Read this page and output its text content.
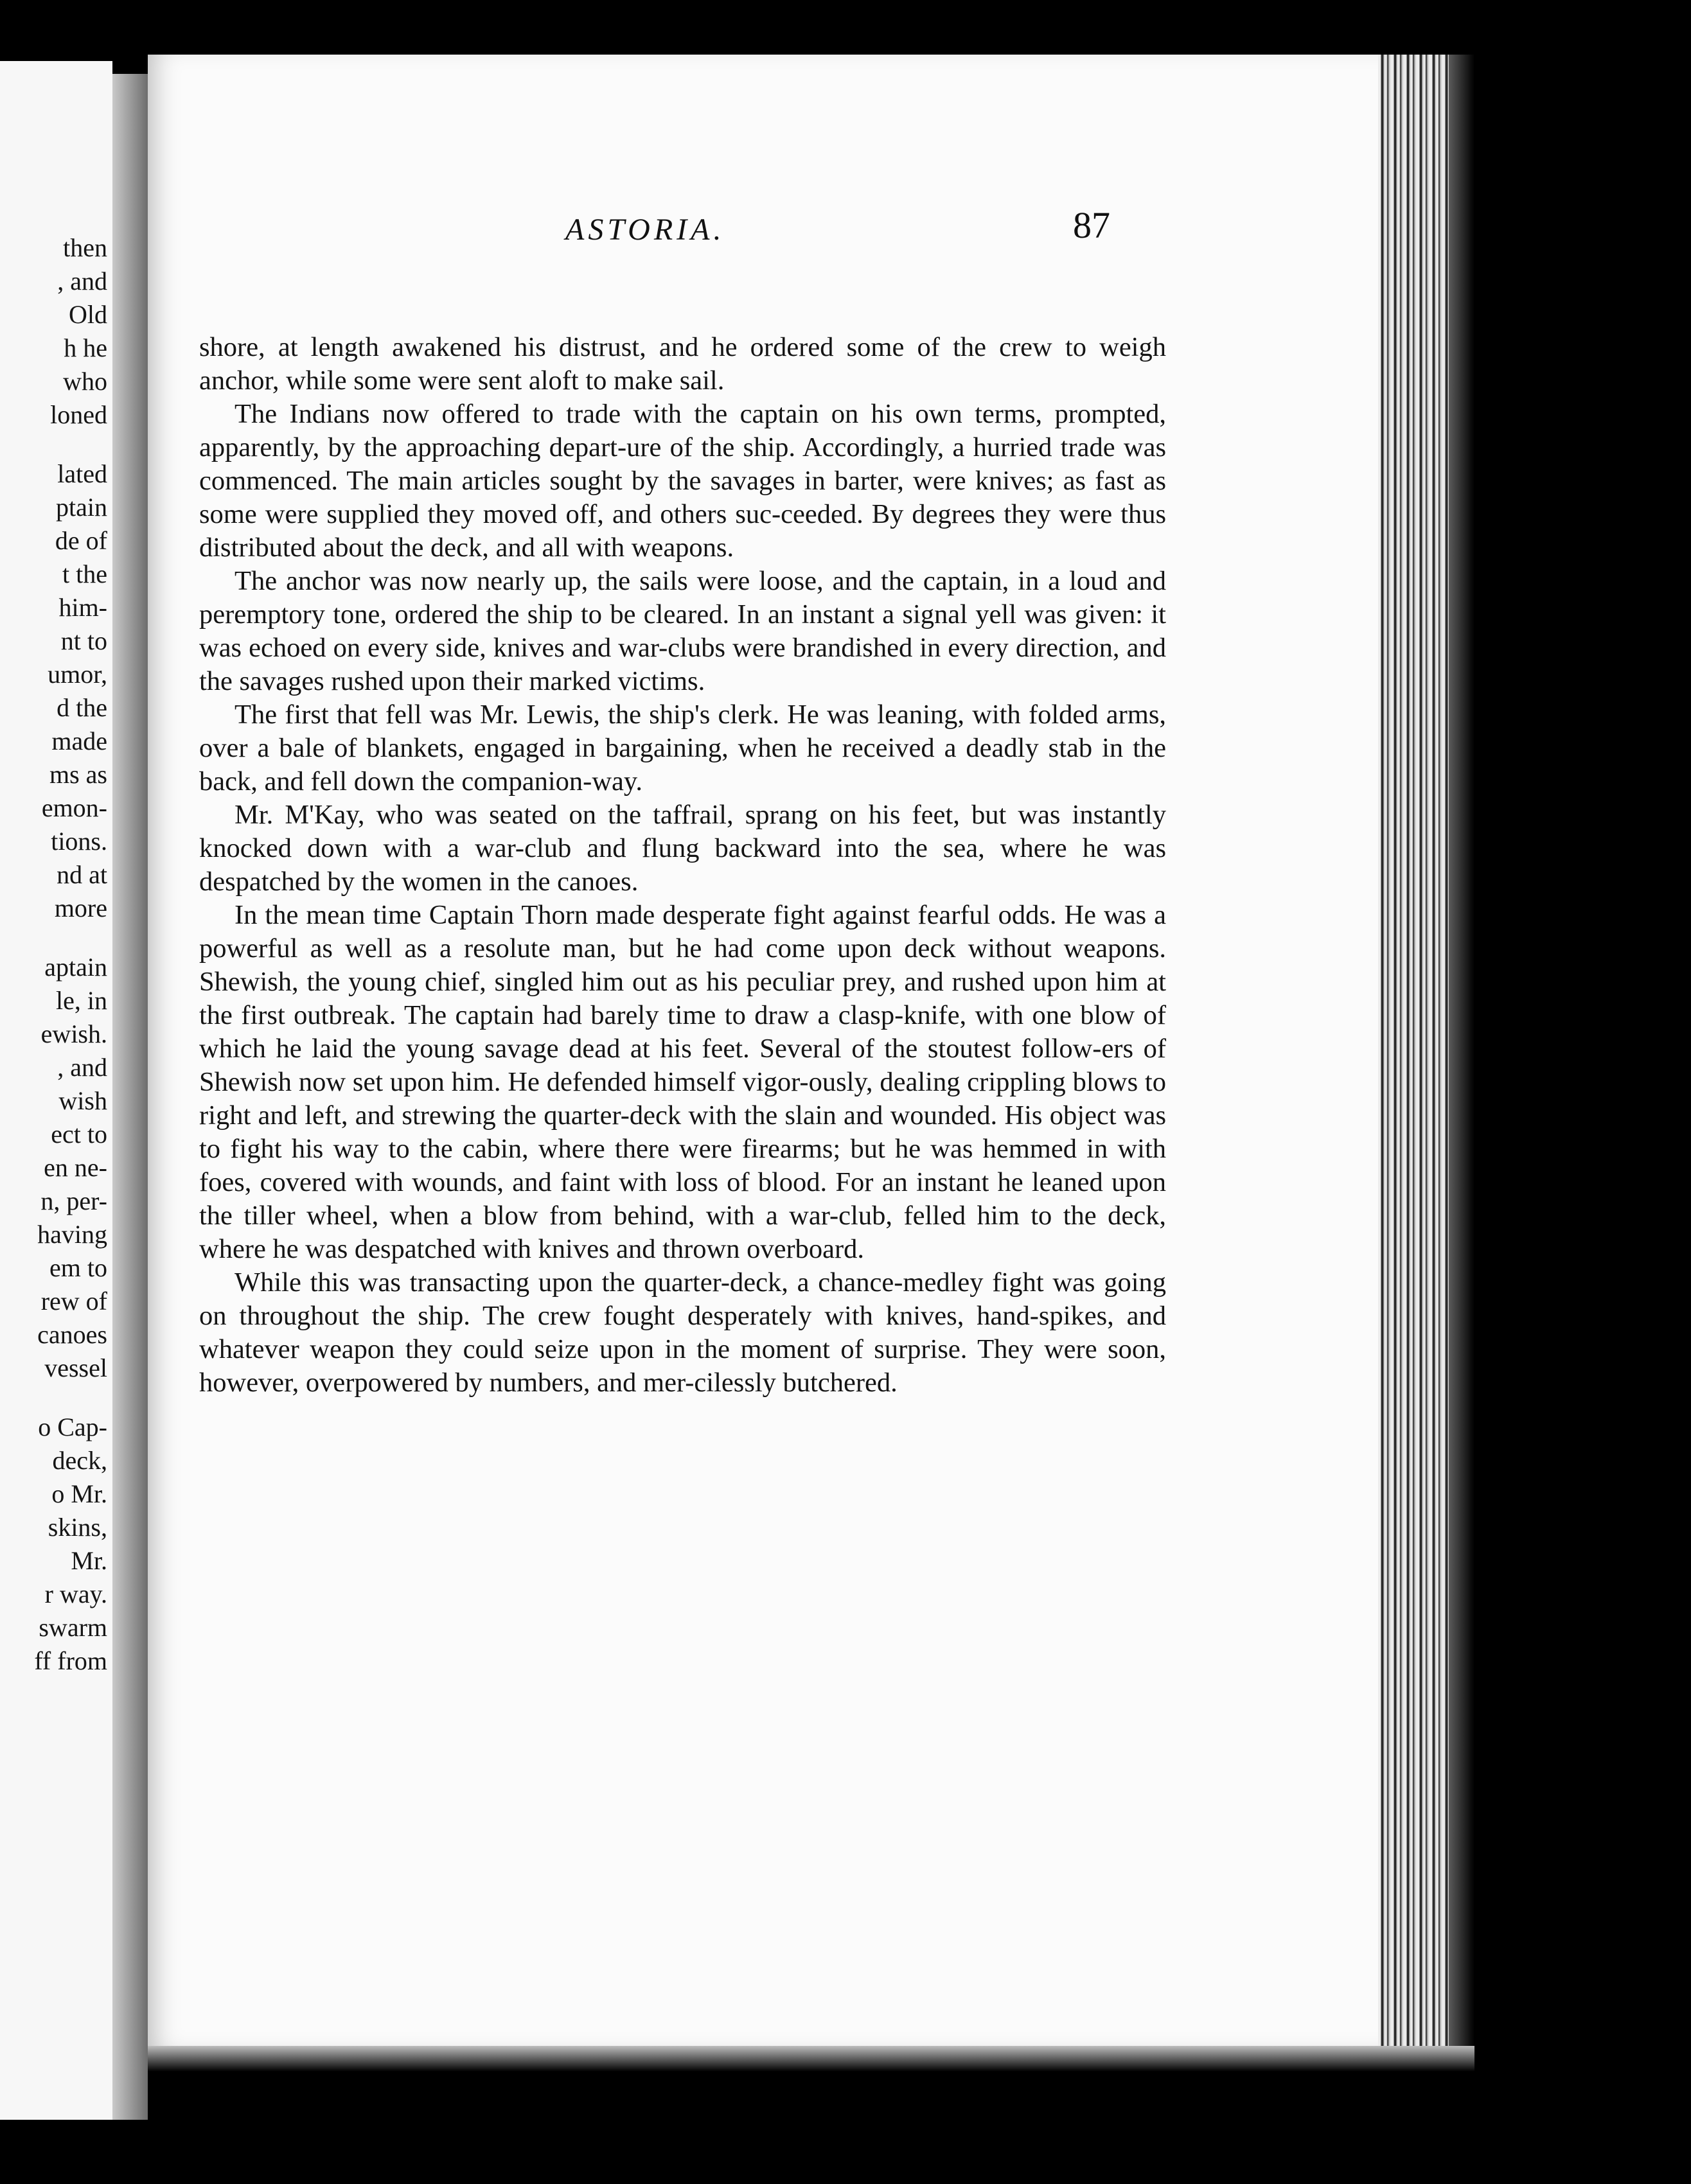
then
, and
Old
h he
who
loned
lated
ptain
de of
t the
him-
nt to
umor,
d the
made
ms as
emon-
tions.
nd at
more
aptain
le, in
ewish.
, and
wish
ect to
en ne-
n, per-
having
em to
rew of
canoes
vessel
o Cap-
deck,
o Mr.
skins,
Mr.
r way.
swarm
ff from
ASTORIA.	87

shore, at length awakened his distrust, and he ordered some of the crew to weigh anchor, while some were sent aloft to make sail.

The Indians now offered to trade with the captain on his own terms, prompted, apparently, by the approaching depart-ure of the ship. Accordingly, a hurried trade was commenced. The main articles sought by the savages in barter, were knives; as fast as some were supplied they moved off, and others suc-ceeded. By degrees they were thus distributed about the deck, and all with weapons.

The anchor was now nearly up, the sails were loose, and the captain, in a loud and peremptory tone, ordered the ship to be cleared. In an instant a signal yell was given: it was echoed on every side, knives and war-clubs were brandished in every direction, and the savages rushed upon their marked victims.

The first that fell was Mr. Lewis, the ship's clerk. He was leaning, with folded arms, over a bale of blankets, engaged in bargaining, when he received a deadly stab in the back, and fell down the companion-way.

Mr. M'Kay, who was seated on the taffrail, sprang on his feet, but was instantly knocked down with a war-club and flung backward into the sea, where he was despatched by the women in the canoes.

In the mean time Captain Thorn made desperate fight against fearful odds. He was a powerful as well as a resolute man, but he had come upon deck without weapons. Shewish, the young chief, singled him out as his peculiar prey, and rushed upon him at the first outbreak. The captain had barely time to draw a clasp-knife, with one blow of which he laid the young savage dead at his feet. Several of the stoutest follow-ers of Shewish now set upon him. He defended himself vigor-ously, dealing crippling blows to right and left, and strewing the quarter-deck with the slain and wounded. His object was to fight his way to the cabin, where there were firearms; but he was hemmed in with foes, covered with wounds, and faint with loss of blood. For an instant he leaned upon the tiller wheel, when a blow from behind, with a war-club, felled him to the deck, where he was despatched with knives and thrown overboard.

While this was transacting upon the quarter-deck, a chance-medley fight was going on throughout the ship. The crew fought desperately with knives, hand-spikes, and whatever weapon they could seize upon in the moment of surprise. They were soon, however, overpowered by numbers, and mer-cilessly butchered.
